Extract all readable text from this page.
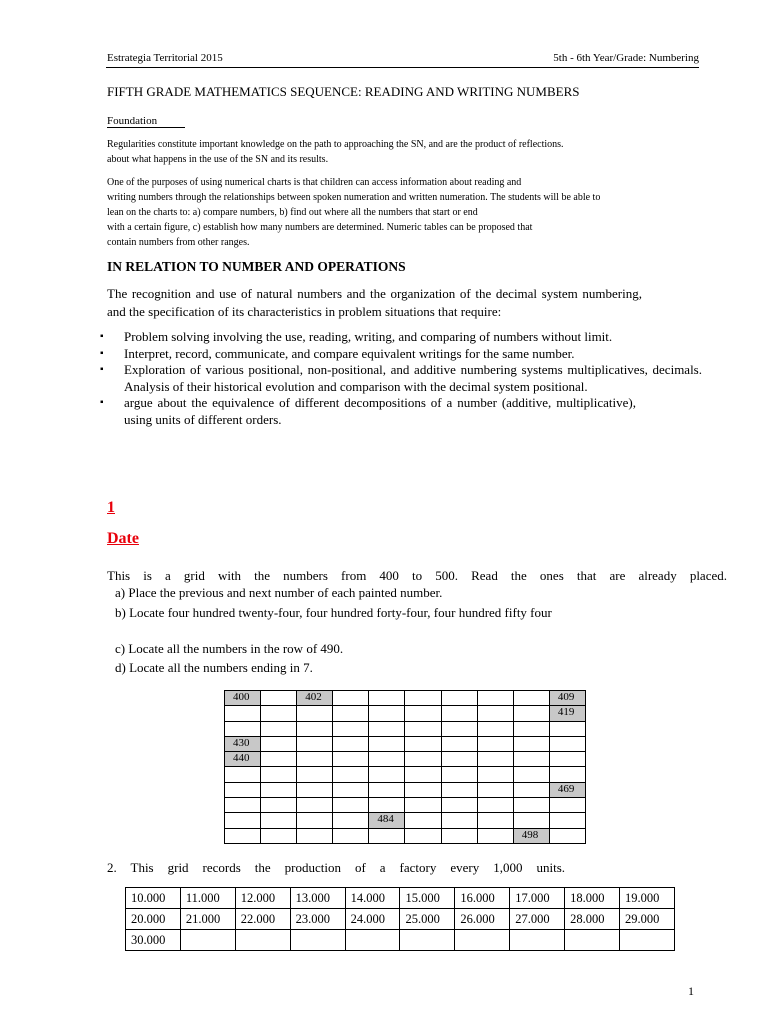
Estrategia Territorial 2015	5th - 6th Year/Grade: Numbering
FIFTH GRADE MATHEMATICS SEQUENCE: READING AND WRITING NUMBERS
Foundation
Regularities constitute important knowledge on the path to approaching the SN, and are the product of reflections.
about what happens in the use of the SN and its results.
One of the purposes of using numerical charts is that children can access information about reading and
writing numbers through the relationships between spoken numeration and written numeration. The students will be able to
lean on the charts to: a) compare numbers, b) find out where all the numbers that start or end
with a certain figure, c) establish how many numbers are determined. Numeric tables can be proposed that
contain numbers from other ranges.
IN RELATION TO NUMBER AND OPERATIONS
The recognition and use of natural numbers and the organization of the decimal system numbering, and the specification of its characteristics in problem situations that require:
▪ Problem solving involving the use, reading, writing, and comparing of numbers without limit.
▪ Interpret, record, communicate, and compare equivalent writings for the same number.
▪ Exploration of various positional, non-positional, and additive numbering systems multiplicatives, decimals. Analysis of their historical evolution and comparison with the decimal system positional.
▪ argue about the equivalence of different decompositions of a number (additive, multiplicative), using units of different orders.
1
Date
This is a grid with the numbers from 400 to 500. Read the ones that are already placed.
a) Place the previous and next number of each painted number.
b) Locate four hundred twenty-four, four hundred forty-four, four hundred fifty four
c) Locate all the numbers in the row of 490.
d) Locate all the numbers ending in 7.
400		402							409
									419

430									
440									

									469

				484					
								498	
2. This grid records the production of a factory every 1,000 units.
10.000	11.000	12.000	13.000	14.000	15.000	16.000	17.000	18.000	19.000
20.000	21.000	22.000	23.000	24.000	25.000	26.000	27.000	28.000	29.000
30.000									
1
